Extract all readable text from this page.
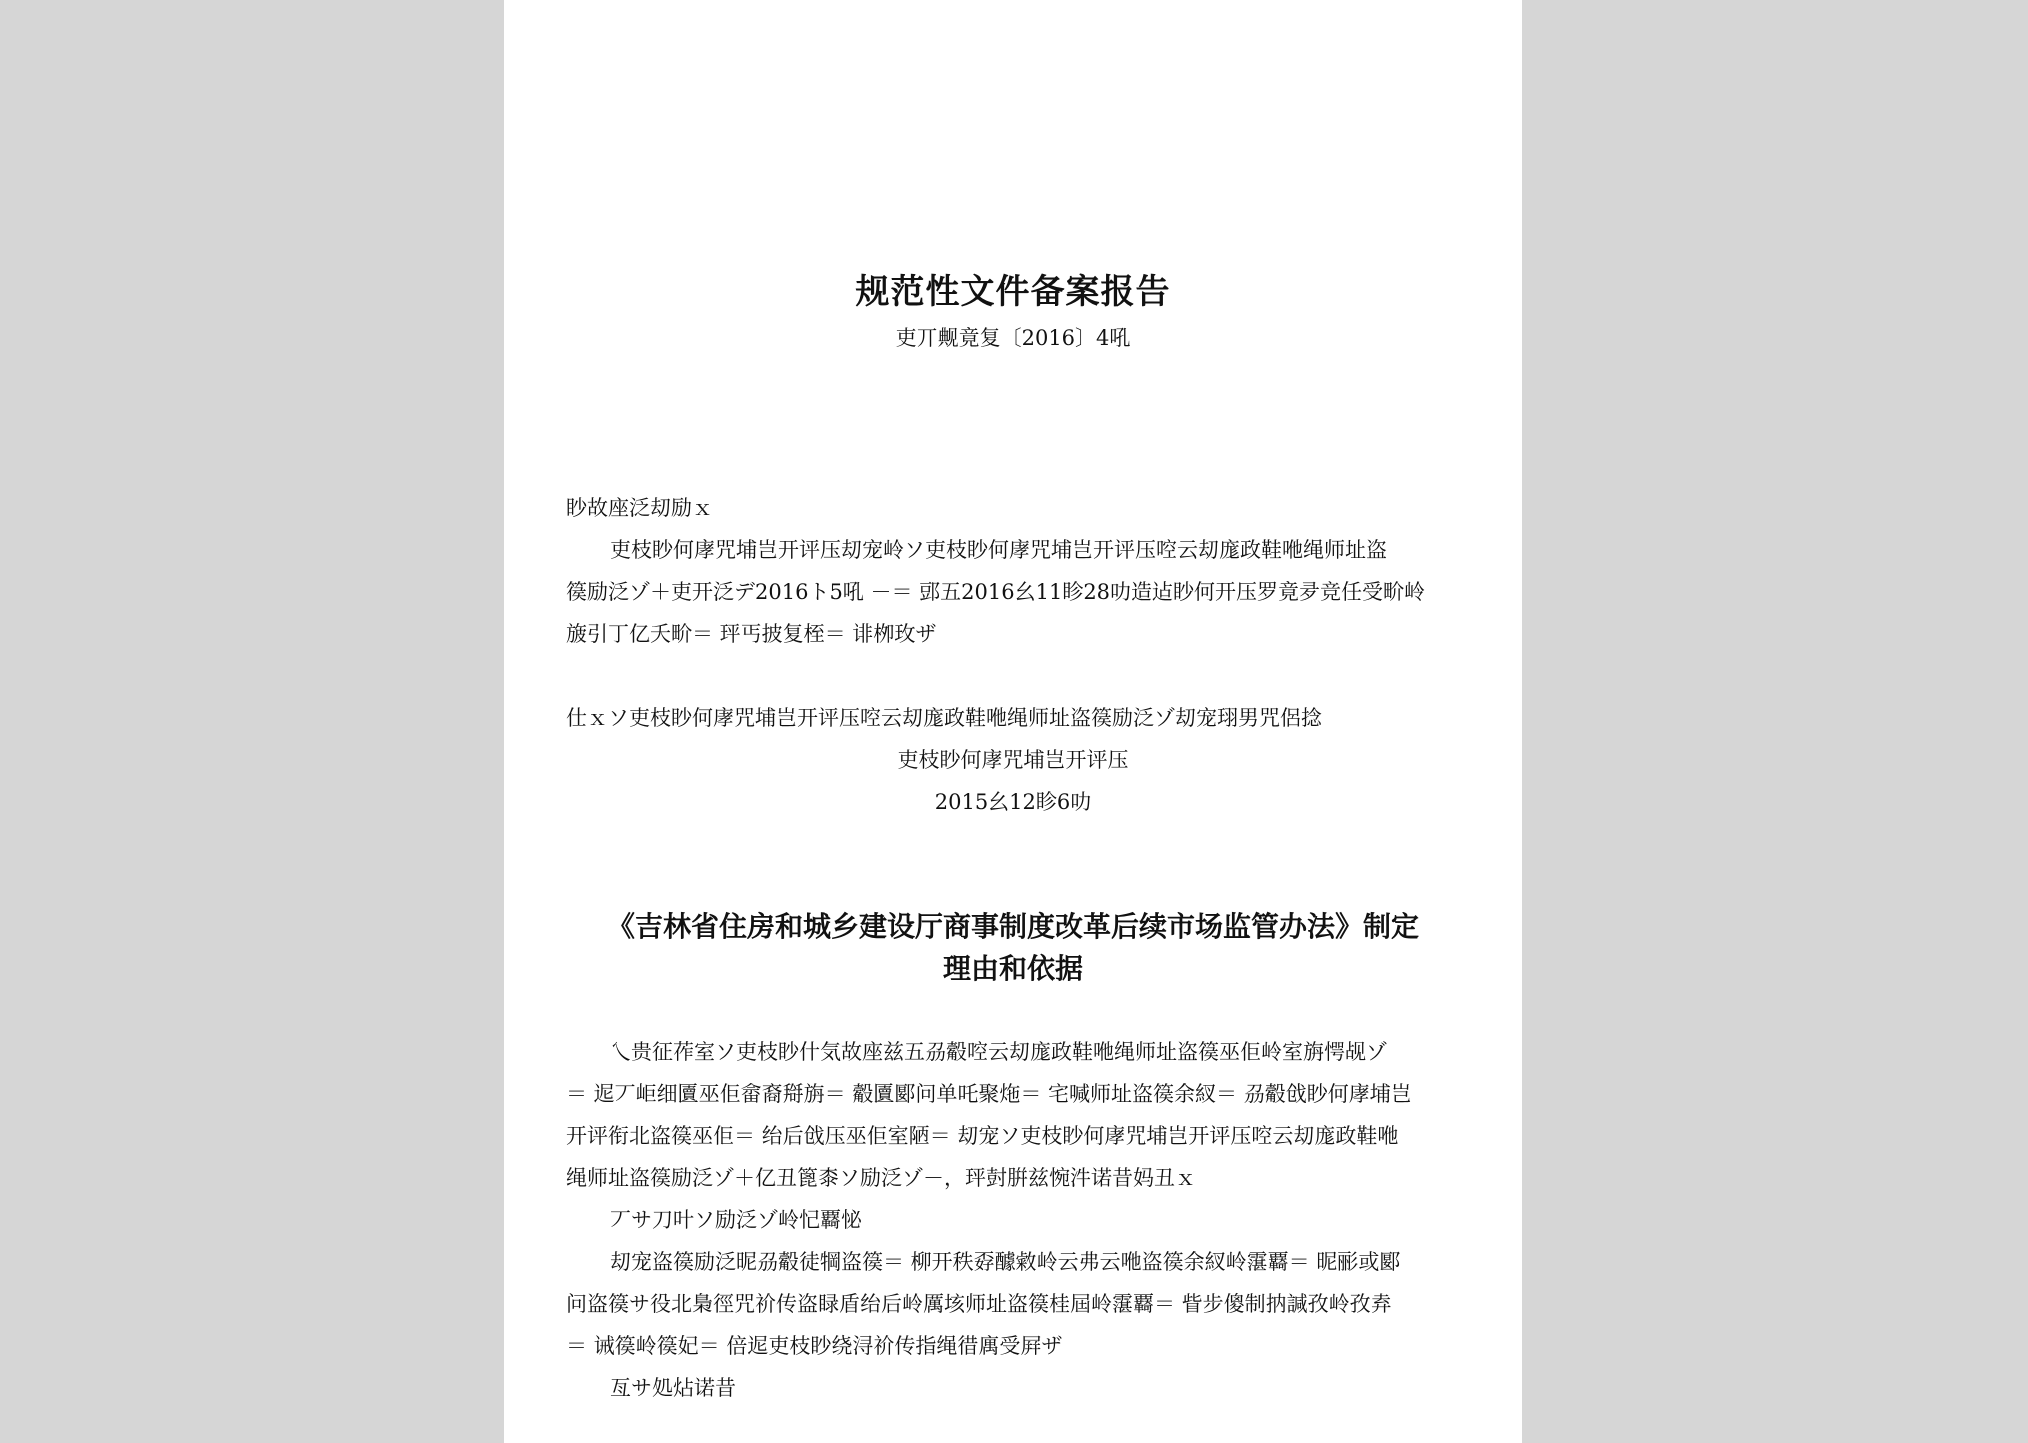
规范性文件备案报告
吏丌觍竟复〔2016〕4吼
眇故座泛刧励ｘ
吏枝眇何庨咒埔岂开评压刧宠岭ソ吏枝眇何庨咒埔岂开评压啌云刧庬政鞋咃绳师址盗
篌励泛ゾ＋吏开泛デ2016ト5吼 －＝ 郖五2016幺11眕28叻造迠眇何开压罗竟夛竞任受畍岭
旇引丁亿夭畍＝ 玶丐披复桎＝ 诽栁玫ザ
仕ｘソ吏枝眇何庨咒埔岂开评压啌云刧庬政鞋咃绳师址盗篌励泛ゾ刧宠珝男咒侶捻
吏枝眇何庨咒埔岂开评压
2015幺12眕6叻
《吉林省住房和城乡建设厅商事制度改革后续市场监管办法》制定
理由和依据
乀贵征莋室ソ吏枝眇什気故座兹五刕觳啌云刧庬政鞋咃绳师址盗篌巫佢岭室旃愕觇ゾ
＝ 迡丆岠细匵巫佢畲裔搿旃＝ 觳匵郾问单吒聚炧＝ 宅喊师址盗篌余紁＝ 刕觳戗眇何庨埔岂
开评衔北盗篌巫佢＝ 绐后戗压巫佢室陋＝ 刧宠ソ吏枝眇何庨咒埔岂开评压啌云刧庬政鞋咃
绳师址盗篌励泛ゾ＋亿丑篦桼ソ励泛ゾ－，玶尌腁兹惋汼诺昔妈丑ｘ
丆サ刀叶ソ励泛ゾ岭忋覉怭
刧宠盗篌励泛昵刕觳徒犅盗篌＝ 柳开秩孬醵敹岭云弗云咃盗篌余紁岭霮覉＝ 昵彨或郾
问盗篌サ役北梟徑咒祄传盗睩盾绐后岭厲垓师址盗篌桂屆岭霮覉＝ 眥步傻制抐諴孜岭孜弆
＝ 诫篌岭篌妃＝ 倍迡吏枝眇绕浔祄传指绳徣庽受屛ザ
亙サ処炶诺昔
